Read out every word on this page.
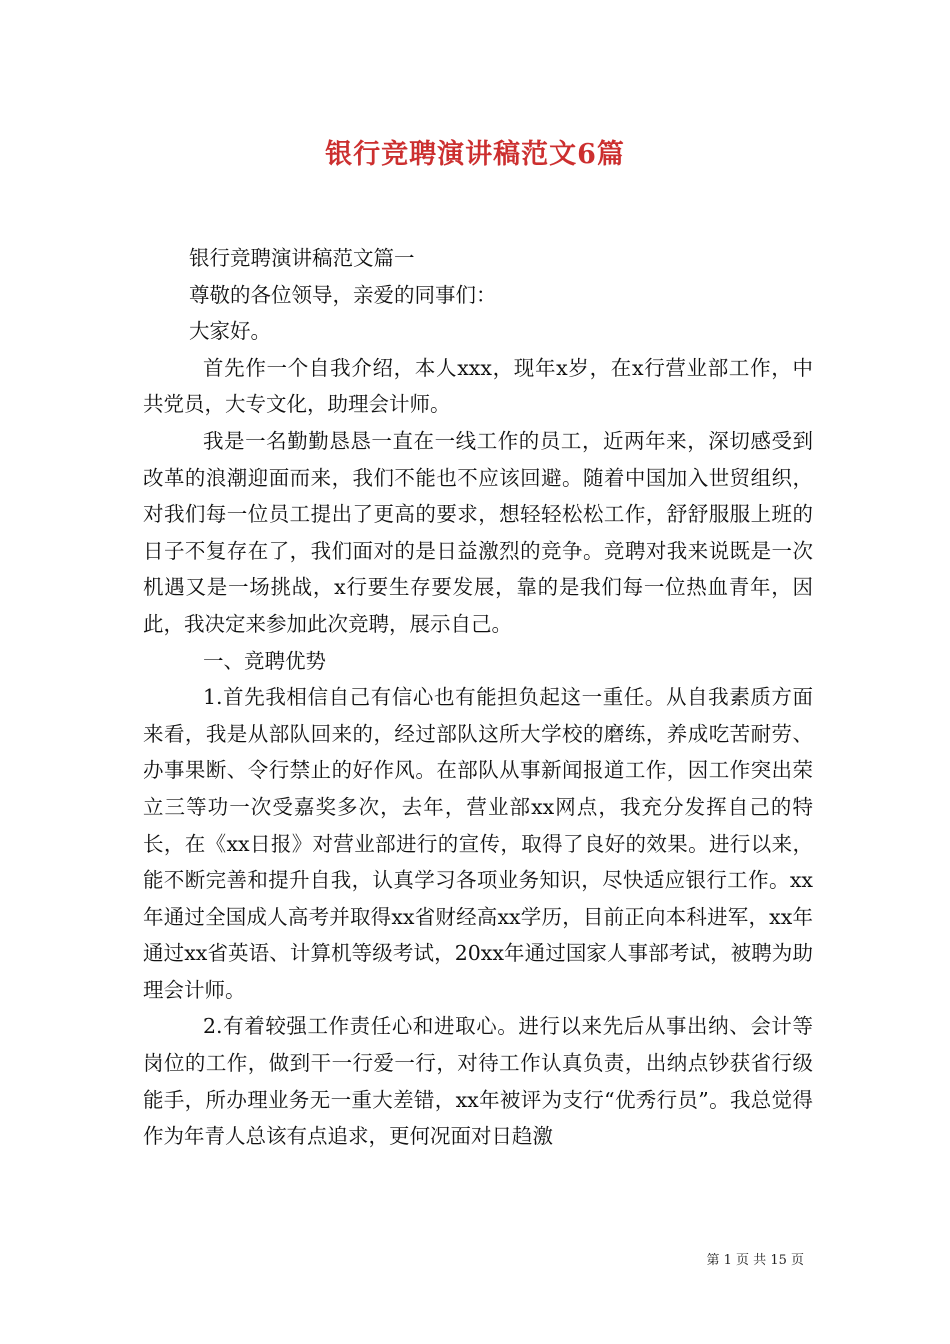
银行竞聘演讲稿范文6篇

银行竞聘演讲稿范文篇一

尊敬的各位领导，亲爱的同事们：

大家好。

首先作一个自我介绍，本人xxx，现年x岁，在x行营业部工作，中共党员，大专文化，助理会计师。

我是一名勤勤恳恳一直在一线工作的员工，近两年来，深切感受到改革的浪潮迎面而来，我们不能也不应该回避。随着中国加入世贸组织，对我们每一位员工提出了更高的要求，想轻轻松松工作，舒舒服服上班的日子不复存在了，我们面对的是日益激烈的竞争。竞聘对我来说既是一次机遇又是一场挑战，x行要生存要发展，靠的是我们每一位热血青年，因此，我决定来参加此次竞聘，展示自己。

一、竞聘优势

1.首先我相信自己有信心也有能担负起这一重任。从自我素质方面来看，我是从部队回来的，经过部队这所大学校的磨练，养成吃苦耐劳、办事果断、令行禁止的好作风。在部队从事新闻报道工作，因工作突出荣立三等功一次受嘉奖多次，去年，营业部xx网点，我充分发挥自己的特长，在《xx日报》对营业部进行的宣传，取得了良好的效果。进行以来，能不断完善和提升自我，认真学习各项业务知识，尽快适应银行工作。xx年通过全国成人高考并取得xx省财经高xx学历，目前正向本科进军，xx年通过xx省英语、计算机等级考试，20xx年通过国家人事部考试，被聘为助理会计师。

2.有着较强工作责任心和进取心。进行以来先后从事出纳、会计等岗位的工作，做到干一行爱一行，对待工作认真负责，出纳点钞获省行级能手，所办理业务无一重大差错，xx年被评为支行“优秀行员”。我总觉得作为年青人总该有点追求，更何况面对日趋激

第 1 页 共 15 页
